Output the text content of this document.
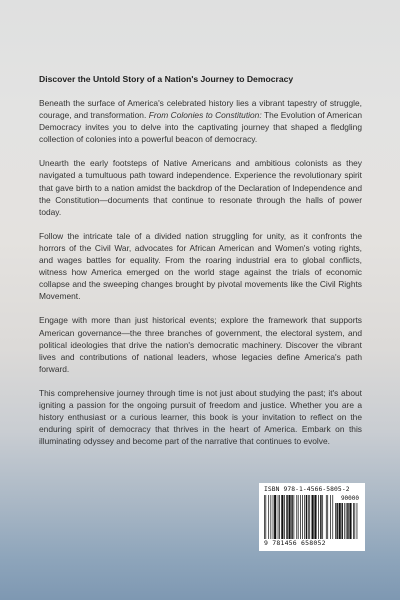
Discover the Untold Story of a Nation's Journey to Democracy

Beneath the surface of America's celebrated history lies a vibrant tapestry of struggle, courage, and transformation. From Colonies to Constitution: The Evolution of American Democracy invites you to delve into the captivating journey that shaped a fledgling collection of colonies into a powerful beacon of democracy.

Unearth the early footsteps of Native Americans and ambitious colonists as they navigated a tumultuous path toward independence. Experience the revolutionary spirit that gave birth to a nation amidst the backdrop of the Declaration of Independence and the Constitution—documents that continue to resonate through the halls of power today.

Follow the intricate tale of a divided nation struggling for unity, as it confronts the horrors of the Civil War, advocates for African American and Women's voting rights, and wages battles for equality. From the roaring industrial era to global conflicts, witness how America emerged on the world stage against the trials of economic collapse and the sweeping changes brought by pivotal movements like the Civil Rights Movement.

Engage with more than just historical events; explore the framework that supports American governance—the three branches of government, the electoral system, and political ideologies that drive the nation's democratic machinery. Discover the vibrant lives and contributions of national leaders, whose legacies define America's path forward.

This comprehensive journey through time is not just about studying the past; it's about igniting a passion for the ongoing pursuit of freedom and justice. Whether you are a history enthusiast or a curious learner, this book is your invitation to reflect on the enduring spirit of democracy that thrives in the heart of America. Embark on this illuminating odyssey and become part of the narrative that continues to evolve.

ISBN 978-1-4566-5805-2
90000
9 781456 658052
